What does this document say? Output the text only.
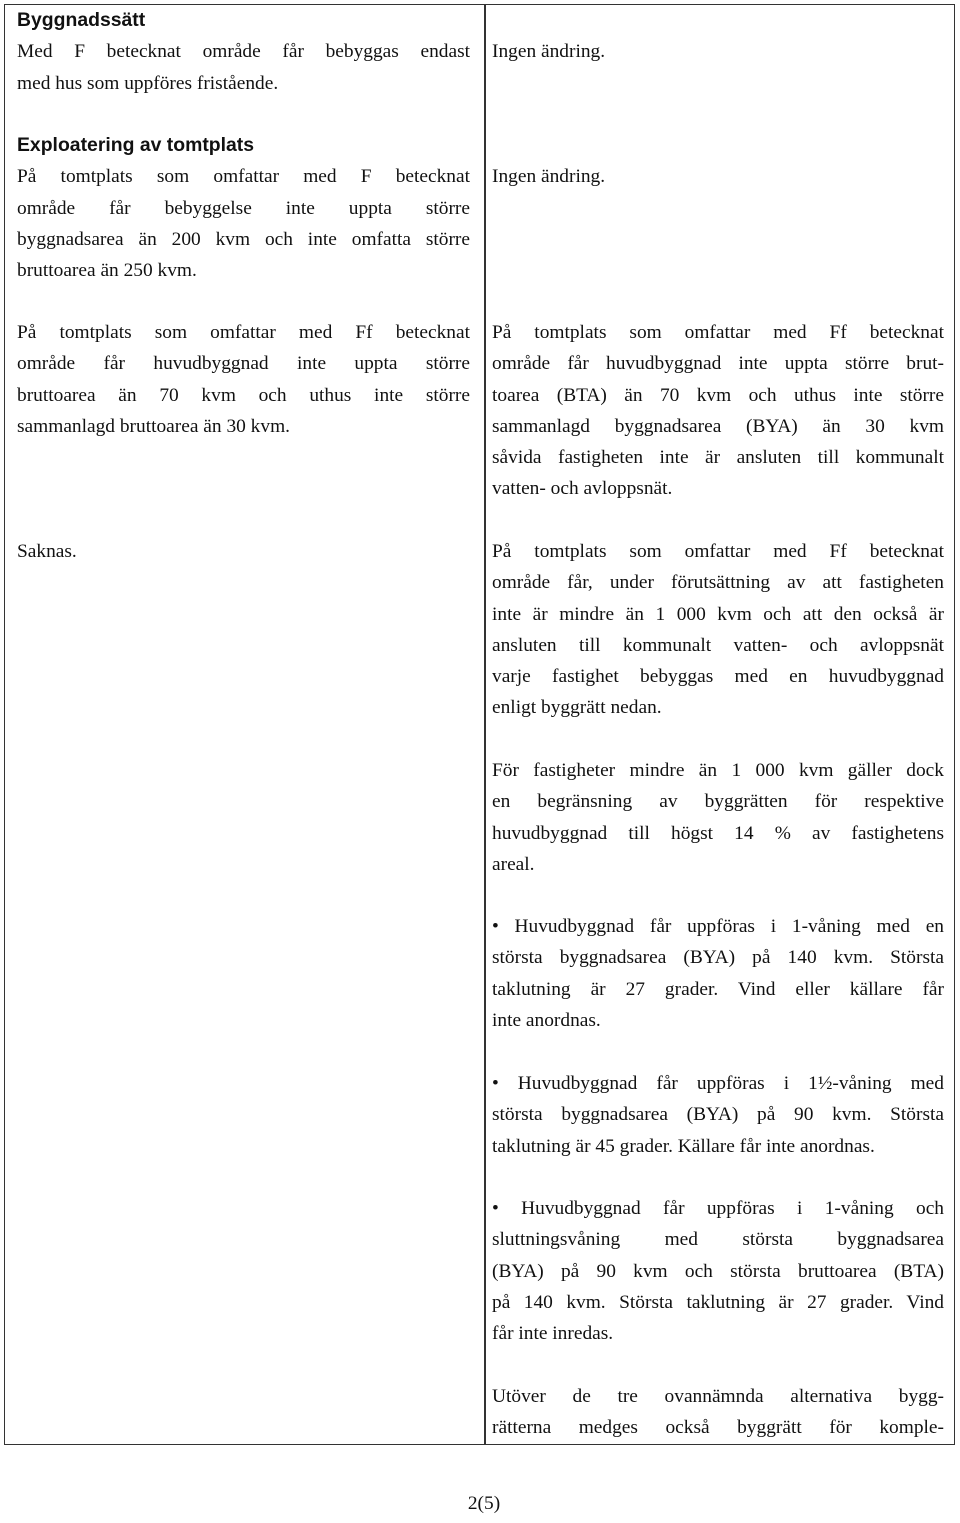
Byggnadssätt
Med F betecknat område får bebyggas endast
med hus som uppföres fristående.
Exploatering av tomtplats
På tomtplats som omfattar med F betecknat
område får bebyggelse inte uppta större
byggnadsarea än 200 kvm och inte omfatta större
bruttoarea än 250 kvm.
På tomtplats som omfattar med Ff betecknat
område får huvudbyggnad inte uppta större
bruttoarea än 70 kvm och uthus inte större
sammanlagd bruttoarea än 30 kvm.
Saknas.
Ingen ändring.
Ingen ändring.
På tomtplats som omfattar med Ff betecknat
område får huvudbyggnad inte uppta större brut-
toarea (BTA) än 70 kvm och uthus inte större
sammanlagd byggnadsarea (BYA) än 30 kvm
såvida fastigheten inte är ansluten till kommunalt
vatten- och avloppsnät.
På tomtplats som omfattar med Ff betecknat
område får, under förutsättning av att fastigheten
inte är mindre än 1 000 kvm och att den också är
ansluten till kommunalt vatten- och avloppsnät
varje fastighet bebyggas med en huvudbyggnad
enligt byggrätt nedan.
För fastigheter mindre än 1 000 kvm gäller dock
en begränsning av byggrätten för respektive
huvudbyggnad till högst 14 % av fastighetens
areal.
• Huvudbyggnad får uppföras i 1-våning med en
största byggnadsarea (BYA) på 140 kvm. Största
taklutning är 27 grader. Vind eller källare får
inte anordnas.
• Huvudbyggnad får uppföras i 1½-våning med
största byggnadsarea (BYA) på 90 kvm. Största
taklutning är 45 grader. Källare får inte anordnas.
• Huvudbyggnad får uppföras i 1-våning och
sluttningsvåning med största byggnadsarea
(BYA) på 90 kvm och största bruttoarea (BTA)
på 140 kvm. Största taklutning är 27 grader. Vind
får inte inredas.
Utöver de tre ovannämnda alternativa bygg-
rätterna medges också byggrätt för komple-
2(5)
